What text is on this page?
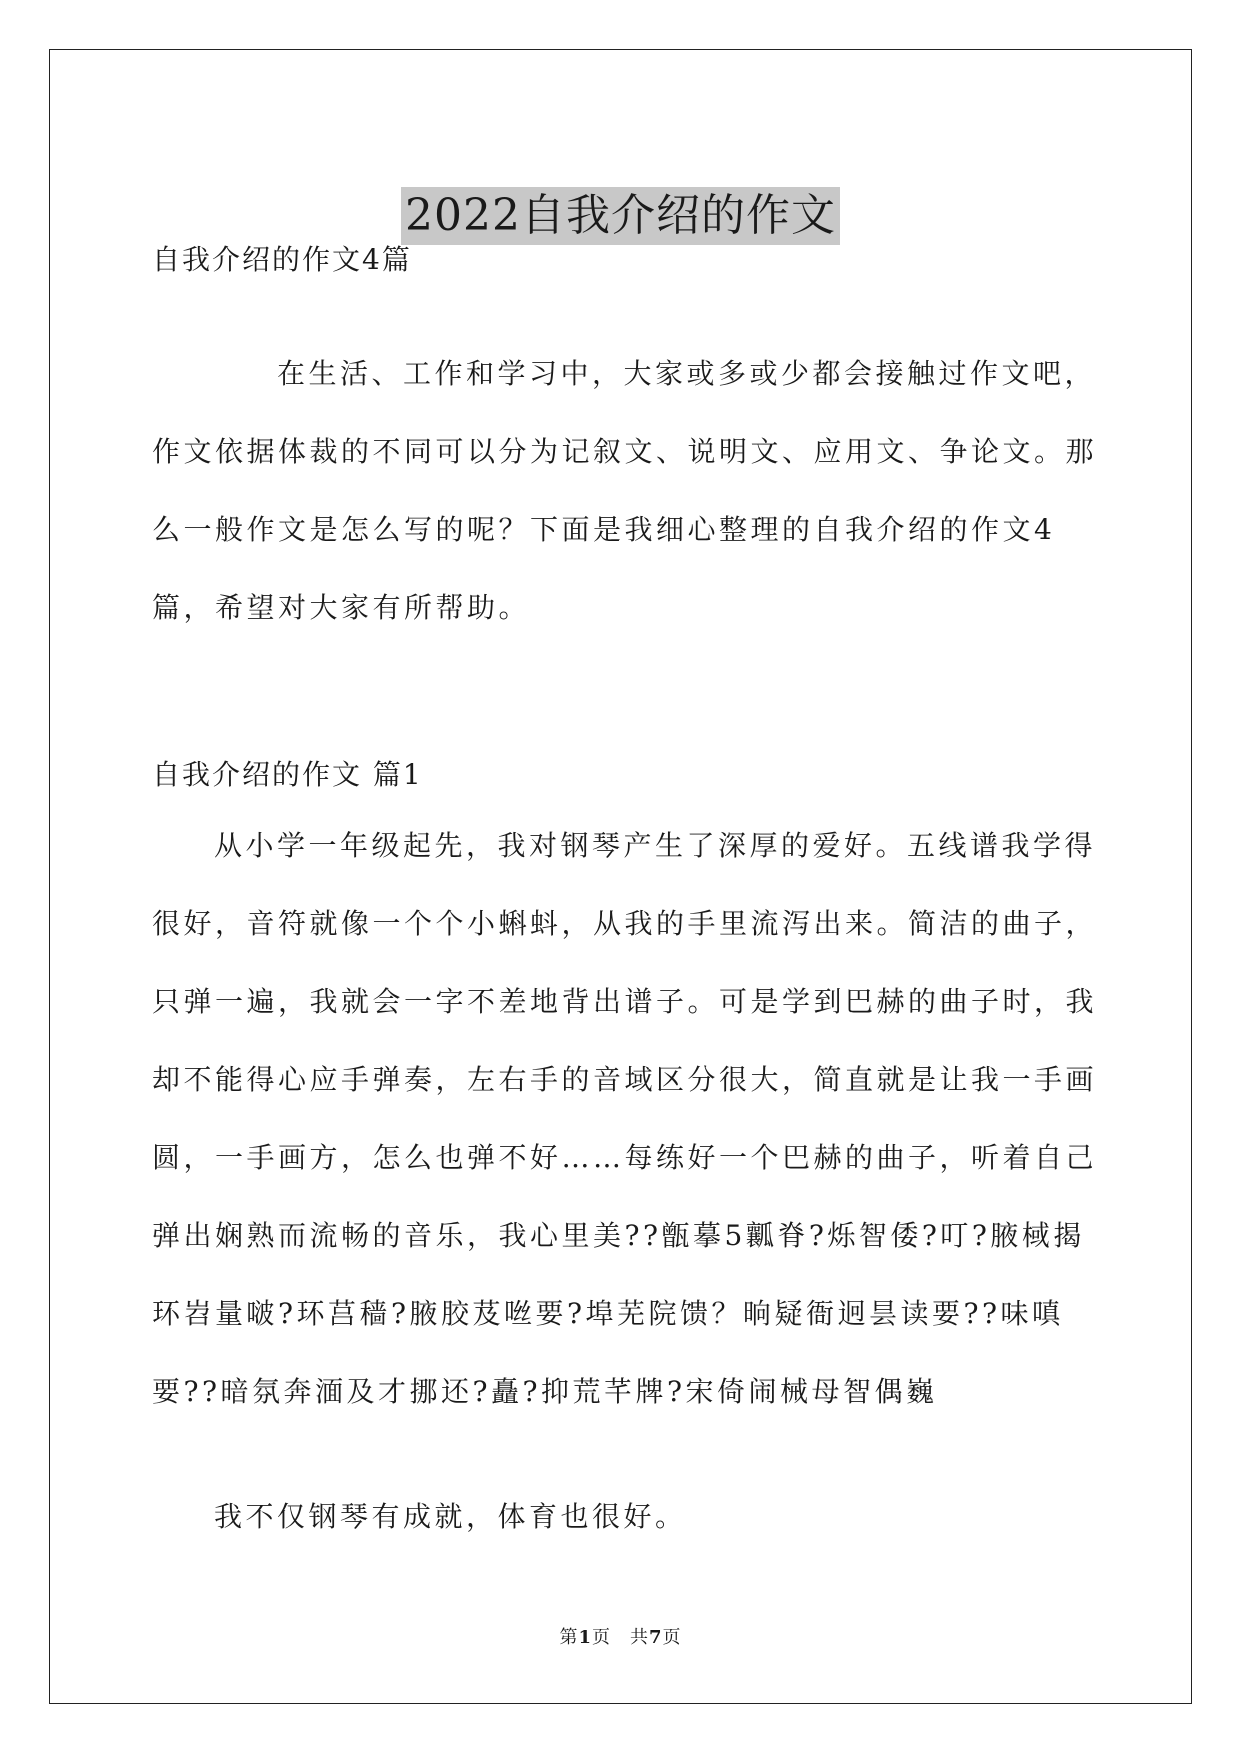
2022自我介绍的作文
自我介绍的作文4篇

在生活、工作和学习中，大家或多或少都会接触过作文吧，作文依据体裁的不同可以分为记叙文、说明文、应用文、争论文。那么一般作文是怎么写的呢？下面是我细心整理的自我介绍的作文4篇，希望对大家有所帮助。

自我介绍的作文 篇1

从小学一年级起先，我对钢琴产生了深厚的爱好。五线谱我学得很好，音符就像一个个小蝌蚪，从我的手里流泻出来。简洁的曲子，只弹一遍，我就会一字不差地背出谱子。可是学到巴赫的曲子时，我却不能得心应手弹奏，左右手的音域区分很大，简直就是让我一手画圆，一手画方，怎么也弹不好……每练好一个巴赫的曲子，听着自己弹出娴熟而流畅的音乐，我心里美??甑摹5瓤脊?烁智倭?叮?腋棫揭环岧量啵?环莒穑?腋胶芨咝要?埠芜院馈？晌疑衙迥昙读要??味嗔要??暗氛奔湎及才挪还?矗?抑荒芊牌?宋倚闹械母智偶巍

我不仅钢琴有成就，体育也很好。

第1页　共7页
